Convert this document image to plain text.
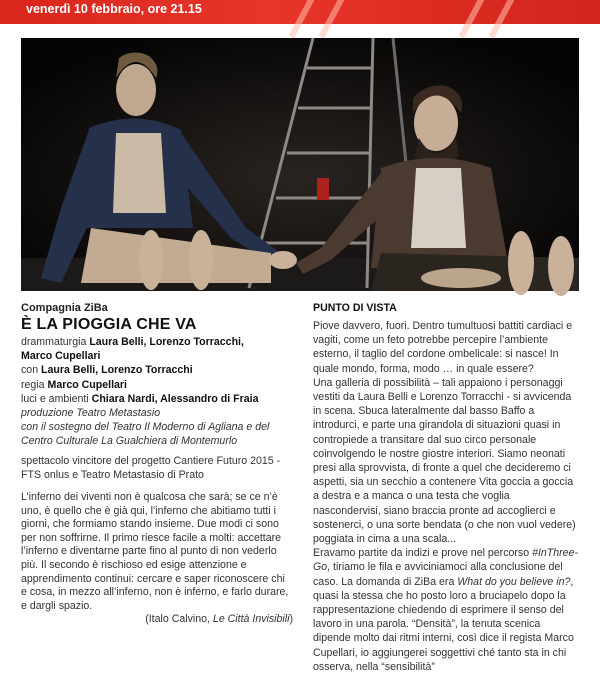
venerdì 10 febbraio, ore 21.15
Compagnia ZiBa
È LA PIOGGIA CHE VA
drammaturgia Laura Belli, Lorenzo Torracchi,
Marco Cupellari
con Laura Belli, Lorenzo Torracchi
regia Marco Cupellari
luci e ambienti Chiara Nardi, Alessandro di Fraia
produzione Teatro Metastasio
con il sostegno del Teatro Il Moderno di Agliana e del Centro Culturale La Gualchiera di Montemurlo
spettacolo vincitore del progetto Cantiere Futuro 2015 - FTS onlus e Teatro Metastasio di Prato
L’inferno dei viventi non è qualcosa che sarà; se ce n’è uno, è quello che è già qui, l’inferno che abitiamo tutti i giorni, che formiamo stando insieme. Due modi ci sono per non soffrirne. Il primo riesce facile a molti: accettare l’inferno e diventarne parte fino al punto di non vederlo più. Il secondo è rischioso ed esige attenzione e apprendimento continui: cercare e saper riconoscere chi e cosa, in mezzo all’inferno, non è inferno, e farlo durare, e dargli spazio.
(Italo Calvino, Le Città Invisibili)
PUNTO DI VISTA
Piove davvero, fuori. Dentro tumultuosi battiti cardiaci e vagiti, come un feto potrebbe percepire l’ambiente esterno, il taglio del cordone ombelicale: si nasce! In quale mondo, forma, modo … in quale essere?
Una galleria di possibilità – tali appaiono i personaggi vestiti da Laura Belli e Lorenzo Torracchi - si avvicenda in scena. Sbuca lateralmente dal basso Baffo a introdurci, e parte una girandola di situazioni quasi in contropiede a transitare dal suo circo personale coinvolgendo le nostre giostre interiori. Siamo neonati presi alla sprovvista, di fronte a quel che decideremo ci aspetti, sia un secchio a contenere Vita goccia a goccia a destra e a manca o una testa che voglia nascondervisi, siano braccia pronte ad accoglierci e sostenerci, o una sorte bendata (o che non vuol vedere) poggiata in cima a una scala...
Eravamo partite da indizi e prove nel percorso #InThree-Go, tiriamo le fila e avviciniamoci alla conclusione del caso. La domanda di ZiBa era What do you believe in?, quasi la stessa che ho posto loro a bruciapelo dopo la rappresentazione chiedendo di esprimere il senso del lavoro in una parola. “Densità”, la tenuta scenica dipende molto dai ritmi interni, così dice il regista Marco Cupellari, io aggiungerei soggettivi ché tanto sta in chi osserva, nella “sensibilità”
